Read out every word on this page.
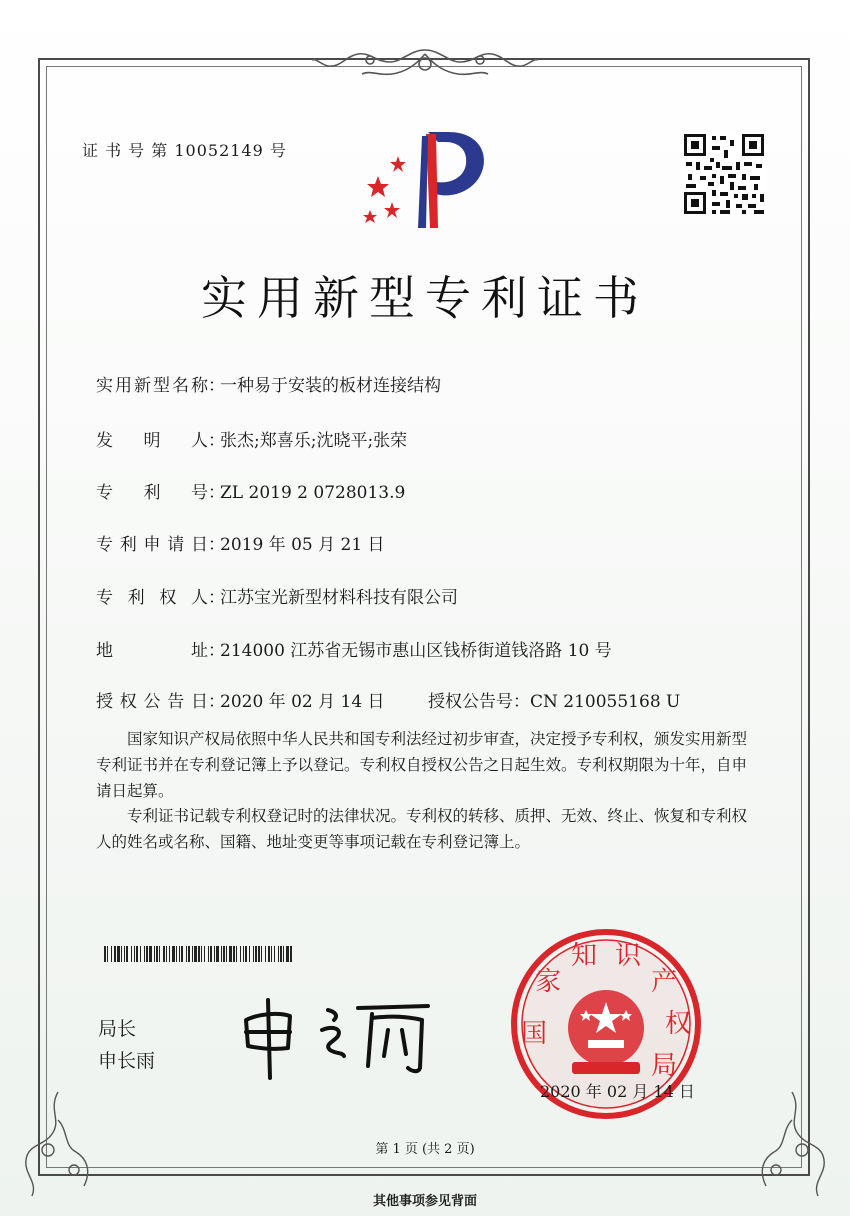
证 书 号 第 10052149 号
实用新型专利证书
实用新型名称：一种易于安装的板材连接结构
发明人：张杰;郑喜乐;沈晓平;张荣
专利号：ZL 2019 2 0728013.9
专利申请日：2019 年 05 月 21 日
专利权人：江苏宝光新型材料科技有限公司
地址：214000 江苏省无锡市惠山区钱桥街道钱洛路 10 号
授权公告日：2020 年 02 月 14 日	授权公告号：CN 210055168 U

国家知识产权局依照中华人民共和国专利法经过初步审查，决定授予专利权，颁发实用新型专利证书并在专利登记簿上予以登记。专利权自授权公告之日起生效。专利权期限为十年，自申请日起算。

专利证书记载专利权登记时的法律状况。专利权的转移、质押、无效、终止、恢复和专利权人的姓名或名称、国籍、地址变更等事项记载在专利登记簿上。

局长
申长雨
国
家
知 识
产
权
局
2020 年 02 月 14 日
第 1 页 (共 2 页)
其他事项参见背面
